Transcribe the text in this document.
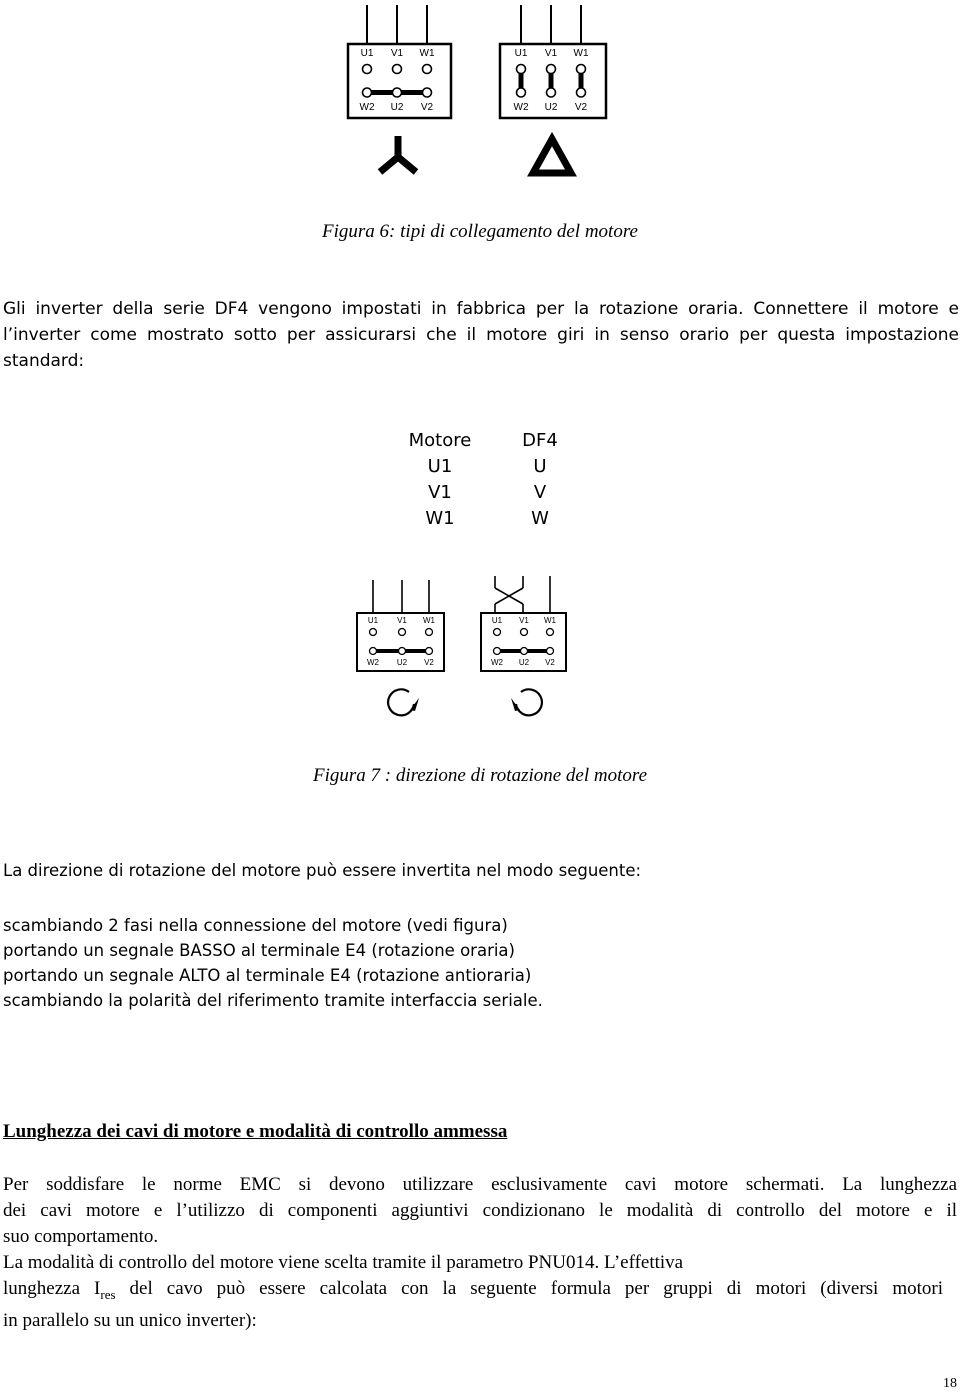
U1 V1 W1
W2 U2 V2
U1 V1 W1
W2 U2 V2
Figura 6: tipi di collegamento del motore
Gli inverter della serie DF4 vengono impostati in fabbrica per la rotazione oraria. Connettere il motore e
l’inverter come mostrato sotto per assicurarsi che il motore giri in senso orario per questa impostazione
standard:
Motore	DF4
U1	U
V1	V
W1	W
U1 V1 W1
W2 U2 V2
U1 V1 W1
W2 U2 V2
Figura 7 : direzione di rotazione del motore
La direzione di rotazione del motore può essere invertita nel modo seguente:
scambiando 2 fasi nella connessione del motore (vedi figura)
portando un segnale BASSO al terminale E4 (rotazione oraria)
portando un segnale ALTO al terminale E4 (rotazione antioraria)
scambiando la polarità del riferimento tramite interfaccia seriale.
Lunghezza dei cavi di motore e modalità di controllo ammessa
Per soddisfare le norme EMC si devono utilizzare esclusivamente cavi motore schermati. La lunghezza
dei cavi motore e l’utilizzo di componenti aggiuntivi condizionano le modalità di controllo del motore e il
suo comportamento.
La modalità di controllo del motore viene scelta tramite il parametro PNU014. L’effettiva
lunghezza $I_{res}$ del cavo può essere calcolata con la seguente formula per gruppi di motori (diversi motori
in parallelo su un unico inverter):
18
